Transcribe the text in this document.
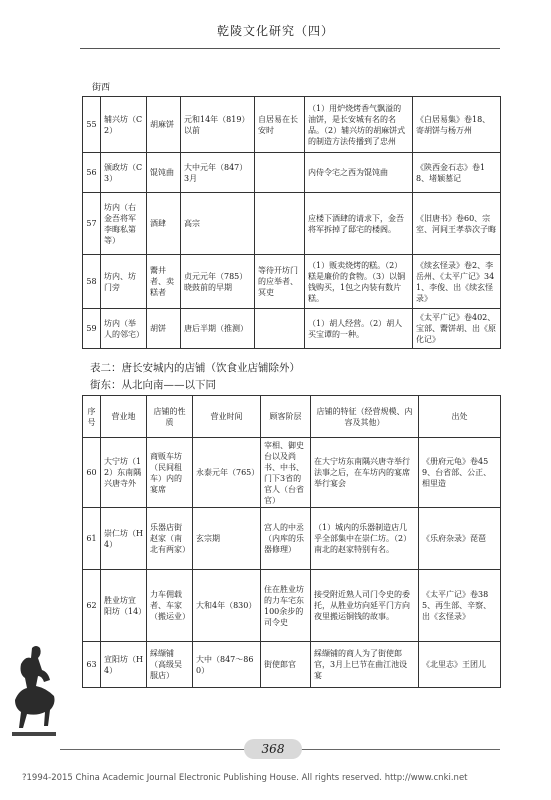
乾陵文化研究（四）
街西
55	辅兴坊（C2）	胡麻饼	元和14年（819）以前	自居易在长安时	（1）用炉烧烤香气飘溢的油饼，是长安城有名的名品。（2）辅兴坊的胡麻饼式的制造方法传播到了忠州	《白居易集》卷18、寄胡饼与杨万州
56	颁政坊（C3）	馄饨曲	大中元年（847）3月		内侍令宅之西为馄饨曲	《陕西金石志》卷18、堵颖墓记
57	坊内（右金吾将军李晦私第等）	酒肆	高宗		应楼下酒肆的请求下，金吾将军拆掉了邸宅的楼阁。	《旧唐书》卷60、宗室、河间王孝恭次子晦
58	坊内、坊门旁	鬻井者、卖糕者	贞元元年（785）晓鼓前的早期	等待开坊门的应举者、冥吏	（1）贩卖烧烤的糕。（2）糕是廉价的食物。（3）以铜钱购买，1包之内装有数片糕。	《续玄怪录》卷2、李岳州、《太平广记》341、李俊、出《续玄怪录》
59	坊内（举人的邻宅）	胡饼	唐后半期（推测）		（1）胡人经营。（2）胡人买宝谭的一种。	《太平广记》卷402、宝部、鬻饼胡、出《原化记》
表二：唐长安城内的店铺（饮食业店铺除外）
街东：从北向南——以下同
序号	营业地	店铺的性质	营业时间	顾客阶层	店铺的特征（经营规模、内容及其他）	出处
60	大宁坊（12）东南隅兴唐寺外	商贩车坊（民间租车）内的宴席	永泰元年（765）	宰相、御史台以及尚书、中书、门下3省的官人（台省官）	在大宁坊东南隅兴唐寺举行法事之后，在车坊内的宴席举行宴会	《册府元龟》卷459、台省部、公正、相里造
61	崇仁坊（H4）	乐器店街赵家（南北有两家）	玄宗期	宫人的中丞（内库的乐器修理）	（1）城内的乐器制造店几乎全部集中在崇仁坊。（2）南北的赵家特别有名。	《乐府杂录》琵琶
62	胜业坊宣阳坊（14）	力车佣载者、车家（搬运业）	大和4年（830）	住在胜业坊的力车宅东100余步的司令史	接受附近熟人司门令史的委托，从胜业坊向延平门方向夜里搬运铜钱的故事。	《太平广记》卷385、再生部、辛察、出《玄怪录》
63	宣阳坊（H4）	綵缬铺（高级吴服店）	大中（847～860）	街使郎官	綵缬铺的商人为了街使郎官，3月上巳节在曲江池设宴	《北里志》王团儿
368
?1994-2015 China Academic Journal Electronic Publishing House. All rights reserved. http://www.cnki.net
